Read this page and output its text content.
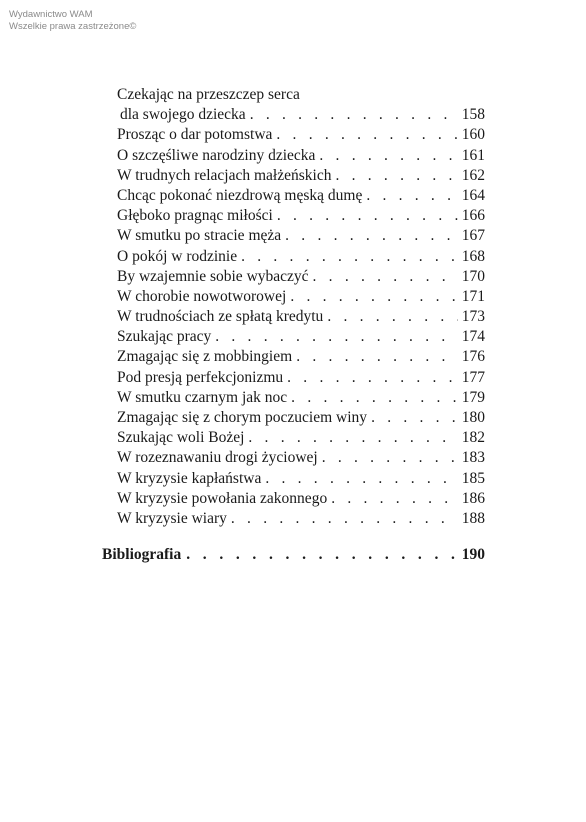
Wydawnictwo WAM
Wszelkie prawa zastrzeżone©
Czekając na przeszczep serca
dla swojego dziecka . . .	158
Prosząc o dar potomstwa . . .	160
O szczęśliwe narodziny dziecka . . .	161
W trudnych relacjach małżeńskich . . .	162
Chcąc pokonać niezdrową męską dumę . . .	164
Głęboko pragnąc miłości . . .	166
W smutku po stracie męża . . .	167
O pokój w rodzinie . . .	168
By wzajemnie sobie wybaczyć . . .	170
W chorobie nowotworowej . . .	171
W trudnościach ze spłatą kredytu . . .	173
Szukając pracy . . .	174
Zmagając się z mobbingiem . . .	176
Pod presją perfekcjonizmu . . .	177
W smutku czarnym jak noc . . .	179
Zmagając się z chorym poczuciem winy . . .	180
Szukając woli Bożej . . .	182
W rozeznawaniu drogi życiowej . . .	183
W kryzysie kapłaństwa . . .	185
W kryzysie powołania zakonnego . . .	186
W kryzysie wiary . . .	188
Bibliografia . . .	190
